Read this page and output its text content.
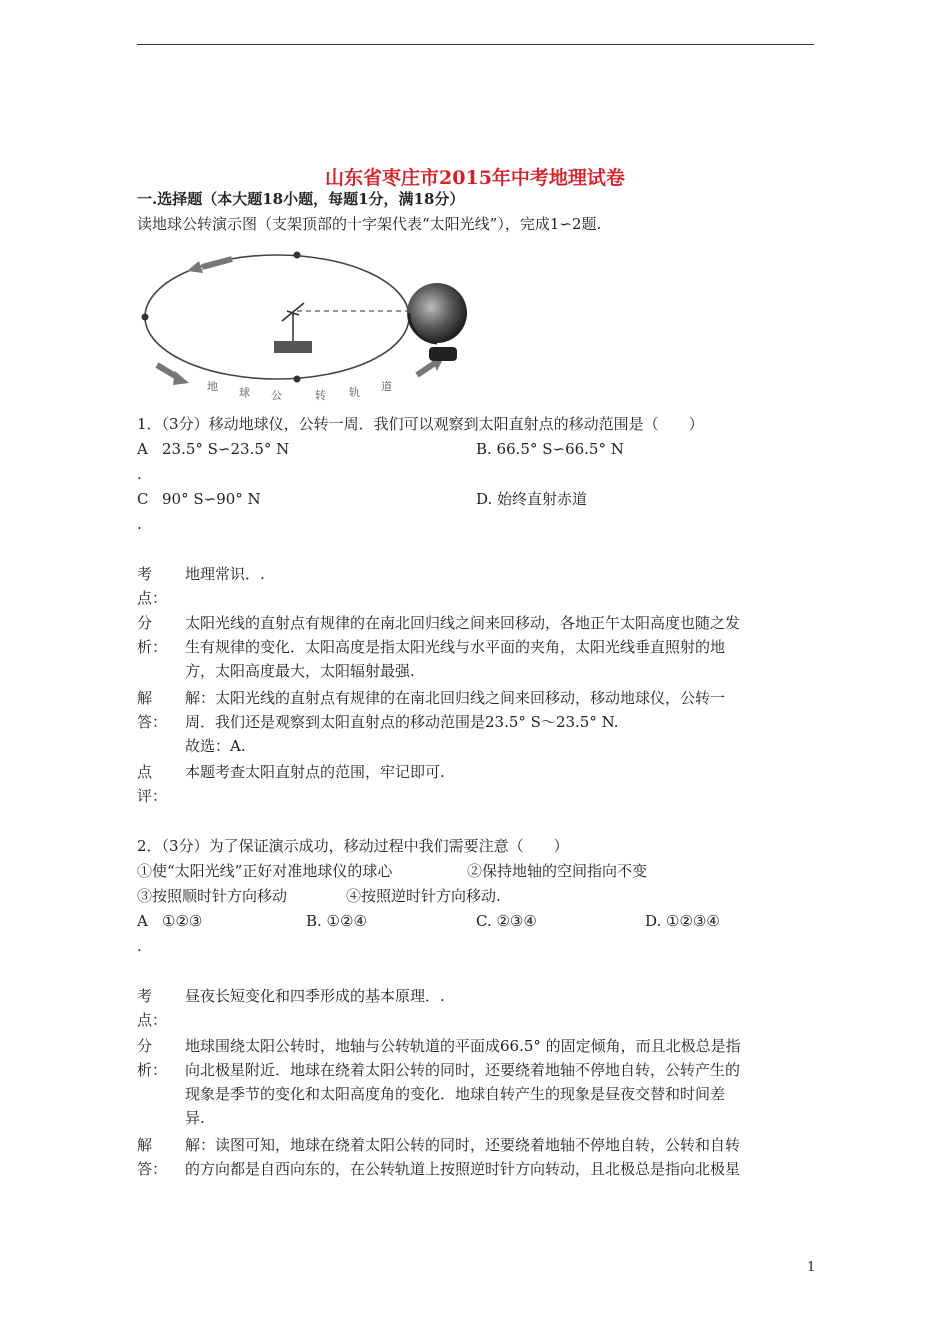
山东省枣庄市2015年中考地理试卷
一.选择题（本大题18小题，每题1分，满18分）
读地球公转演示图（支架顶部的十字架代表“太阳光线”），完成1∽2题.
地 球 公	转 轨 道
1．（3分）移动地球仪，公转一周．我们可以观察到太阳直射点的移动范围是（　　）
A 23.5° S∽23.5° N	B. 66.5° S∽66.5° N
.
C 90° S∽90° N	D. 始终直射赤道
.
考
点：
地理常识．.
分
析：
太阳光线的直射点有规律的在南北回归线之间来回移动，各地正午太阳高度也随之发
生有规律的变化．太阳高度是指太阳光线与水平面的夹角，太阳光线垂直照射的地
方，太阳高度最大，太阳辐射最强.
解
答：
解：太阳光线的直射点有规律的在南北回归线之间来回移动，移动地球仪，公转一
周．我们还是观察到太阳直射点的移动范围是23.5° S～23.5° N.
故选：A.
点
评：
本题考查太阳直射点的范围，牢记即可.
2．（3分）为了保证演示成功，移动过程中我们需要注意（　　）
①使“太阳光线”正好对准地球仪的球心	②保持地轴的空间指向不变
③按照顺时针方向移动	④按照逆时针方向移动.
A ①②③	B. ①②④	C. ②③④	D. ①②③④
.
考
点：
昼夜长短变化和四季形成的基本原理．.
分
析：
地球围绕太阳公转时，地轴与公转轨道的平面成66.5° 的固定倾角，而且北极总是指
向北极星附近．地球在绕着太阳公转的同时，还要绕着地轴不停地自转，公转产生的
现象是季节的变化和太阳高度角的变化．地球自转产生的现象是昼夜交替和时间差
异.
解
答：
解：读图可知，地球在绕着太阳公转的同时，还要绕着地轴不停地自转，公转和自转
的方向都是自西向东的，在公转轨道上按照逆时针方向转动，且北极总是指向北极星
1
